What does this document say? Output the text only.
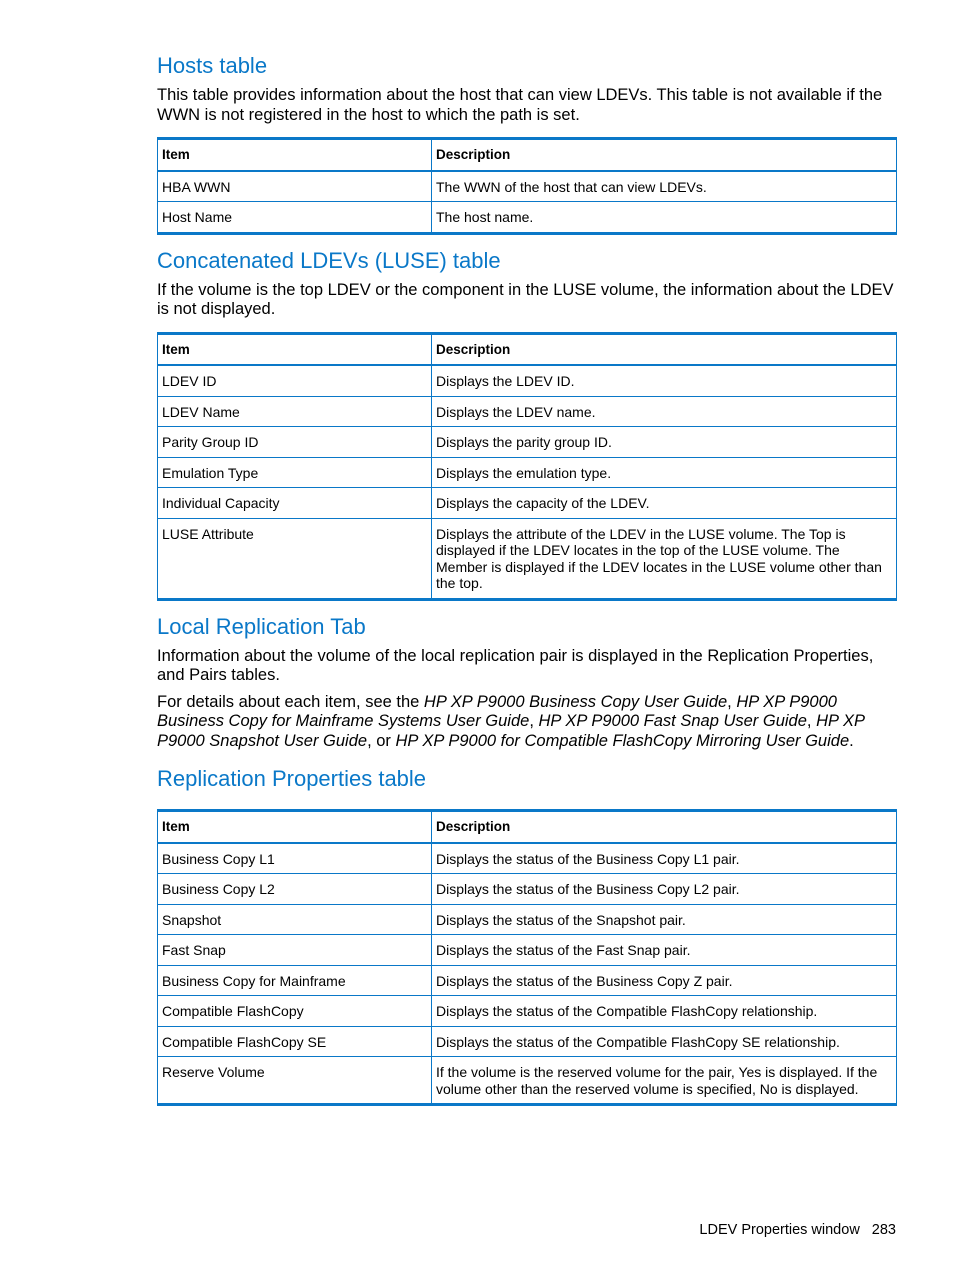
Hosts table

This table provides information about the host that can view LDEVs. This table is not available if the WWN is not registered in the host to which the path is set.

Item	Description
HBA WWN	The WWN of the host that can view LDEVs.
Host Name	The host name.
Concatenated LDEVs (LUSE) table

If the volume is the top LDEV or the component in the LUSE volume, the information about the LDEV is not displayed.

Item	Description
LDEV ID	Displays the LDEV ID.
LDEV Name	Displays the LDEV name.
Parity Group ID	Displays the parity group ID.
Emulation Type	Displays the emulation type.
Individual Capacity	Displays the capacity of the LDEV.
LUSE Attribute	Displays the attribute of the LDEV in the LUSE volume. The Top is displayed if the LDEV locates in the top of the LUSE volume. The Member is displayed if the LDEV locates in the LUSE volume other than the top.
Local Replication Tab

Information about the volume of the local replication pair is displayed in the Replication Properties, and Pairs tables.

For details about each item, see the HP XP P9000 Business Copy User Guide, HP XP P9000 Business Copy for Mainframe Systems User Guide, HP XP P9000 Fast Snap User Guide, HP XP P9000 Snapshot User Guide, or HP XP P9000 for Compatible FlashCopy Mirroring User Guide.

Replication Properties table
Item	Description
Business Copy L1	Displays the status of the Business Copy L1 pair.
Business Copy L2	Displays the status of the Business Copy L2 pair.
Snapshot	Displays the status of the Snapshot pair.
Fast Snap	Displays the status of the Fast Snap pair.
Business Copy for Mainframe	Displays the status of the Business Copy Z pair.
Compatible FlashCopy	Displays the status of the Compatible FlashCopy relationship.
Compatible FlashCopy SE	Displays the status of the Compatible FlashCopy SE relationship.
Reserve Volume	If the volume is the reserved volume for the pair, Yes is displayed. If the volume other than the reserved volume is specified, No is displayed.
LDEV Properties window 283
